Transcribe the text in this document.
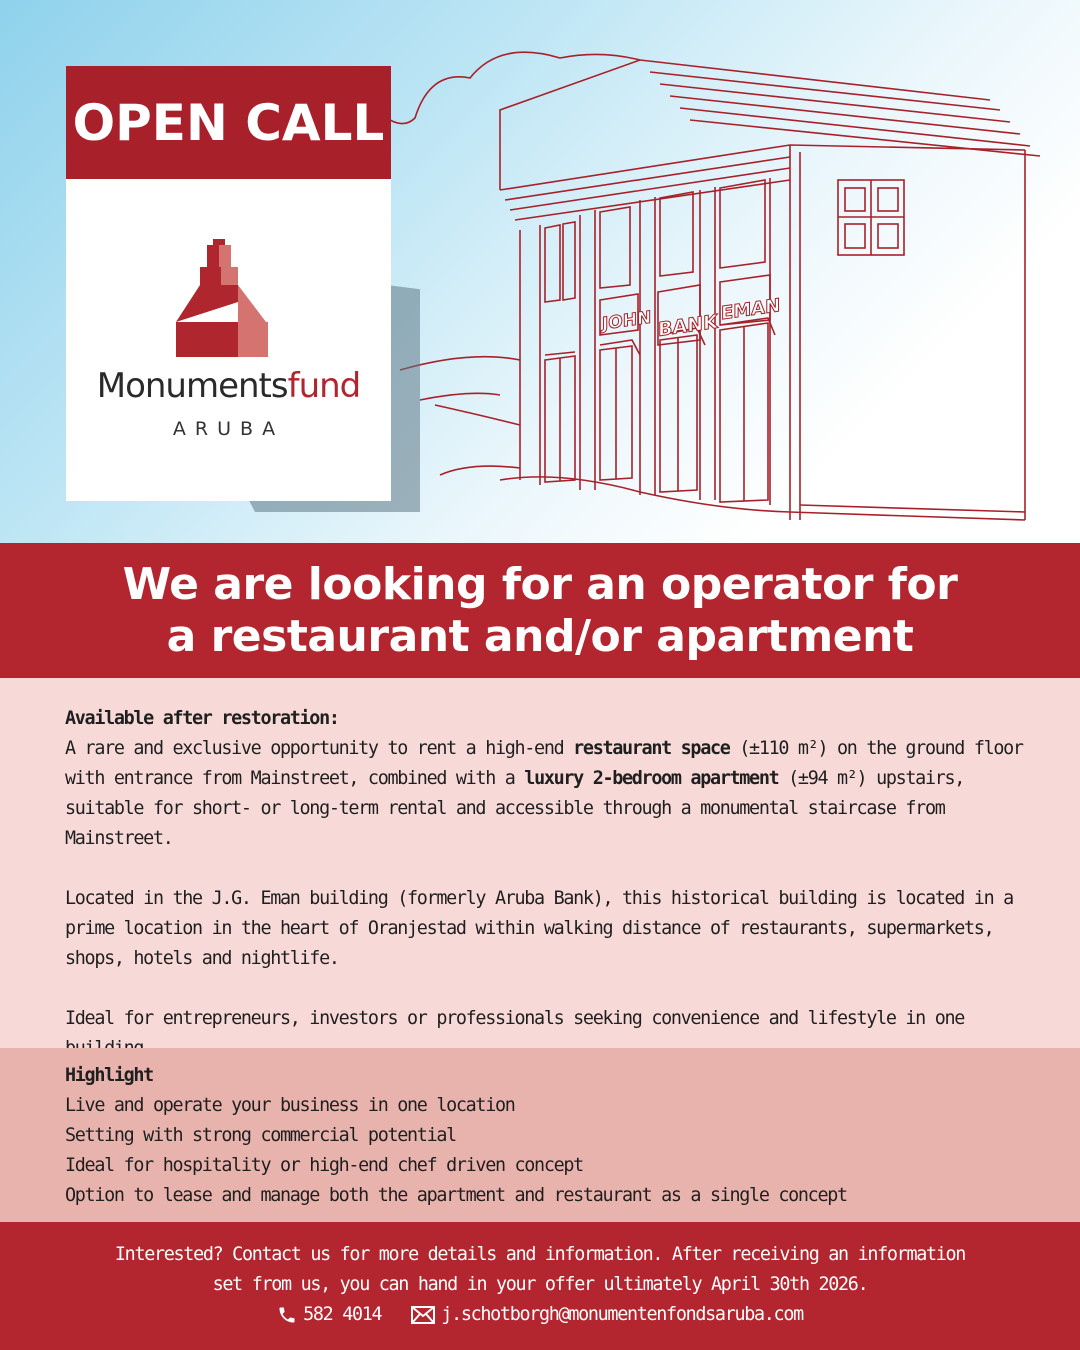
JOHN BANK
EMAN
OPEN CALL
Monumentsfund
ARUBA
We are looking for an operator for
a restaurant and/or apartment

Available after restoration:

A rare and exclusive opportunity to rent a high-end restaurant space (±110 m²) on the ground floor with entrance from Mainstreet, combined with a luxury 2-bedroom apartment (±94 m²) upstairs, suitable for short- or long-term rental and accessible through a monumental staircase from Mainstreet.

Located in the J.G. Eman building (formerly Aruba Bank), this historical building is located in a prime location in the heart of Oranjestad within walking distance of restaurants, supermarkets, shops, hotels and nightlife.

Ideal for entrepreneurs, investors or professionals seeking convenience and lifestyle in one

Highlight

Live and operate your business in one location

Setting with strong commercial potential

Ideal for hospitality or high-end chef driven concept

Option to lease and manage both the apartment and restaurant as a single concept

Interested? Contact us for more details and information. After receiving an information
set from us, you can hand in your offer ultimately April 30th 2026.
582 4014	j.schotborgh@monumentenfondsaruba.com
